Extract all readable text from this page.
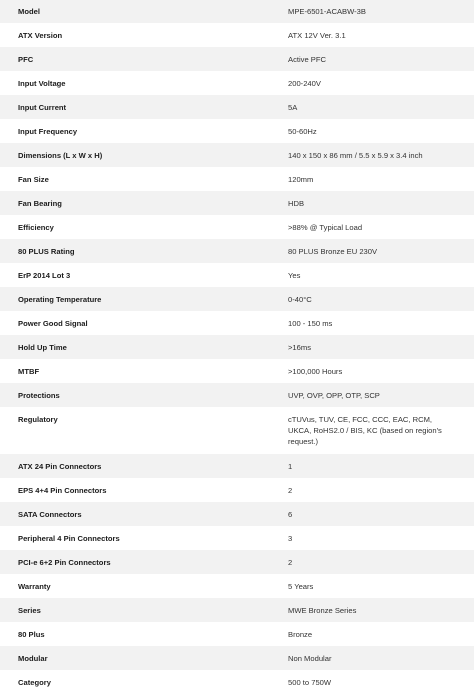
Model	MPE-6501-ACABW-3B
ATX Version	ATX 12V Ver. 3.1
PFC	Active PFC
Input Voltage	200-240V
Input Current	5A
Input Frequency	50-60Hz
Dimensions (L x W x H)	140 x 150 x 86 mm / 5.5 x 5.9 x 3.4 inch
Fan Size	120mm
Fan Bearing	HDB
Efficiency	>88% @ Typical Load
80 PLUS Rating	80 PLUS Bronze EU 230V
ErP 2014 Lot 3	Yes
Operating Temperature	0-40°C
Power Good Signal	100 - 150 ms
Hold Up Time	>16ms
MTBF	>100,000 Hours
Protections	UVP, OVP, OPP, OTP, SCP
Regulatory	cTUVus, TUV, CE, FCC, CCC, EAC, RCM, UKCA, RoHS2.0 / BIS, KC (based on region's request.)
ATX 24 Pin Connectors	1
EPS 4+4 Pin Connectors	2
SATA Connectors	6
Peripheral 4 Pin Connectors	3
PCI-e 6+2 Pin Connectors	2
Warranty	5 Years
Series	MWE Bronze Series
80 Plus	Bronze
Modular	Non Modular
Category	500 to 750W
